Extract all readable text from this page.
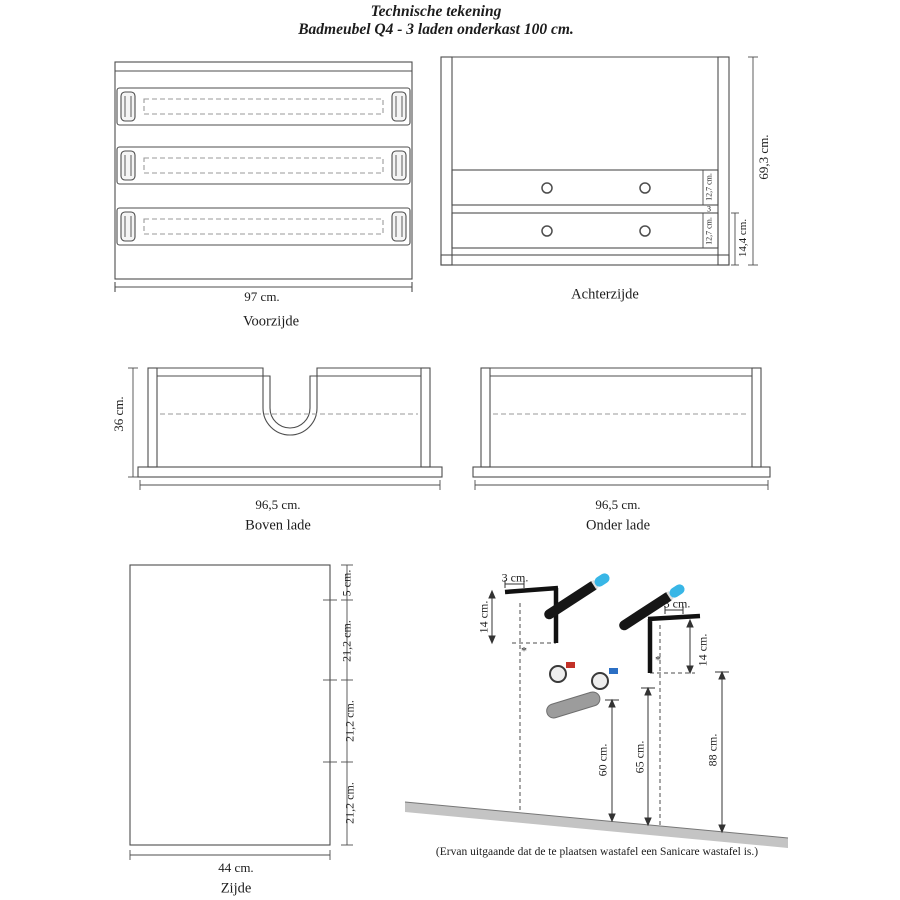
Technische tekening
Badmeubel Q4 - 3 laden onderkast 100 cm.
97 cm.
Voorzijde
12,7 cm.
3
12,7 cm. 14,4 cm.
69,3 cm.
Achterzijde
36 cm.
96,5 cm.
Boven lade
96,5 cm.
Onder lade
5 cm.
21,2 cm.
21,2 cm.
21,2 cm.
44 cm.
Zijde
3 cm.
14 cm.	3 cm.
14 cm.
60 cm. 65 cm.	88 cm.
*
*
(Ervan uitgaande dat de te plaatsen wastafel een Sanicare wastafel is.)
